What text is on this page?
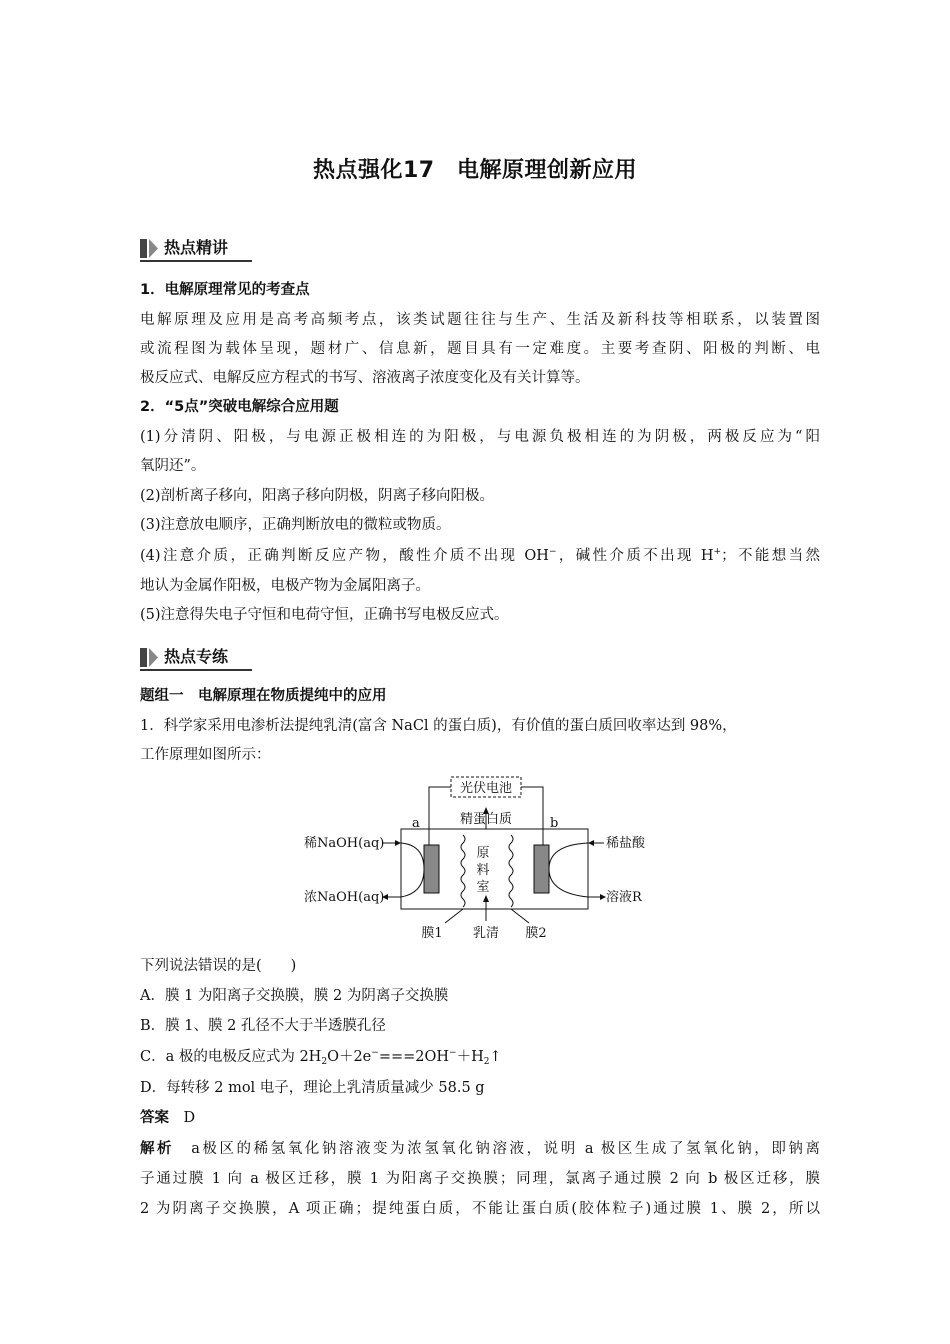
热点强化17　电解原理创新应用
热点精讲
1．电解原理常见的考查点
电解原理及应用是高考高频考点，该类试题往往与生产、生活及新科技等相联系，以装置图
或流程图为载体呈现，题材广、信息新，题目具有一定难度。主要考查阴、阳极的判断、电
极反应式、电解反应方程式的书写、溶液离子浓度变化及有关计算等。
2．“5点”突破电解综合应用题
(1)分清阴、阳极，与电源正极相连的为阳极，与电源负极相连的为阴极，两极反应为“阳
氧阴还”。
(2)剖析离子移向，阳离子移向阴极，阴离子移向阳极。
(3)注意放电顺序，正确判断放电的微粒或物质。
(4)注意介质，正确判断反应产物，酸性介质不出现 OH−，碱性介质不出现 H+；不能想当然
地认为金属作阳极，电极产物为金属阳离子。
(5)注意得失电子守恒和电荷守恒，正确书写电极反应式。
热点专练
题组一　电解原理在物质提纯中的应用
1．科学家采用电渗析法提纯乳清(富含 NaCl 的蛋白质)，有价值的蛋白质回收率达到 98%，
工作原理如图所示：
光伏电池
精蛋白质
a	b
原
料
室
稀NaOH(aq)
浓NaOH(aq)
稀盐酸
溶液R
膜1 乳清 膜2
下列说法错误的是(　　)
A．膜 1 为阳离子交换膜，膜 2 为阴离子交换膜
B．膜 1、膜 2 孔径不大于半透膜孔径
C．a 极的电极反应式为 $2H_2O+2e^-===2OH^-+H_2↑$
D．每转移 2 mol 电子，理论上乳清质量减少 58.5 g
答案　 D
解析　 a极区的稀氢氧化钠溶液变为浓氢氧化钠溶液，说明 a 极区生成了氢氧化钠，即钠离
子通过膜 1 向 a 极区迁移，膜 1 为阳离子交换膜；同理，氯离子通过膜 2 向 b 极区迁移，膜
2 为阴离子交换膜，A 项正确；提纯蛋白质，不能让蛋白质(胶体粒子)通过膜 1、膜 2，所以
